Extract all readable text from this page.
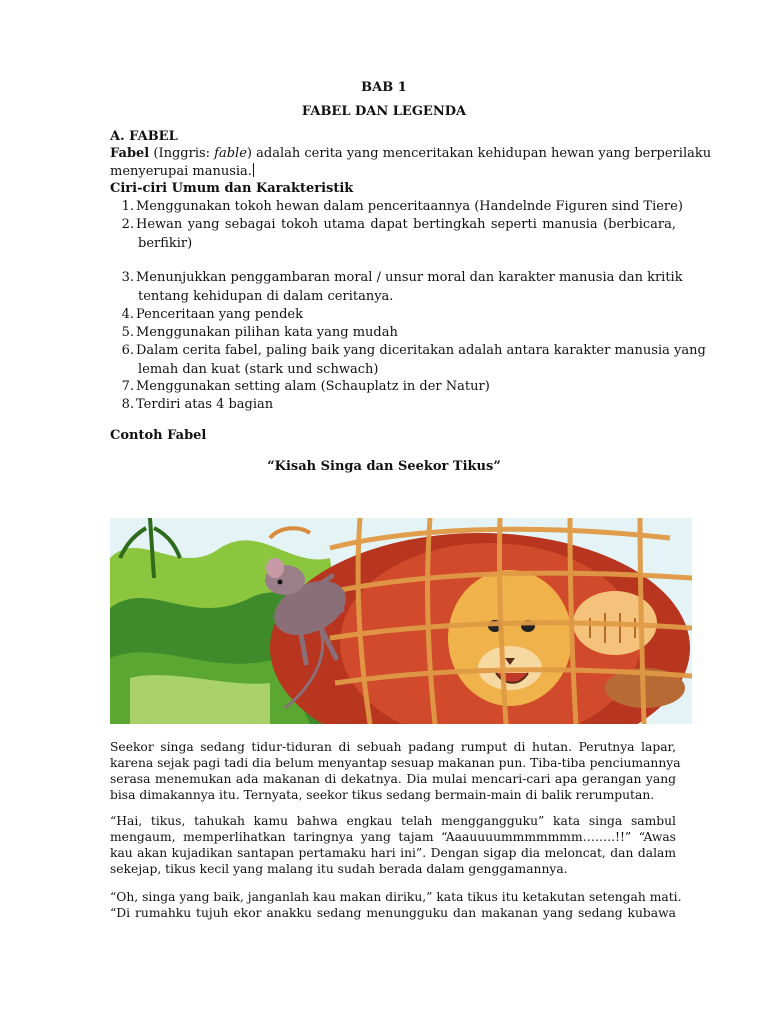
BAB 1
FABEL DAN LEGENDA
A. FABEL
Fabel (Inggris: fable) adalah cerita yang menceritakan kehidupan hewan yang berperilaku
menyerupai manusia.
Ciri-ciri Umum dan Karakteristik
1. Menggunakan tokoh hewan dalam penceritaannya (Handelnde Figuren sind Tiere)
2. Hewan yang sebagai tokoh utama dapat bertingkah seperti manusia (berbicara,
berfikir)
3. Menunjukkan penggambaran moral / unsur moral dan karakter manusia dan kritik
tentang kehidupan di dalam ceritanya.
4. Penceritaan yang pendek
5. Menggunakan pilihan kata yang mudah
6. Dalam cerita fabel, paling baik yang diceritakan adalah antara karakter manusia yang
lemah dan kuat (stark und schwach)
7. Menggunakan setting alam (Schauplatz in der Natur)
8. Terdiri atas 4 bagian
Contoh Fabel
“Kisah Singa dan Seekor Tikus”
Seekor singa sedang tidur-tiduran di sebuah padang rumput di hutan. Perutnya lapar,
karena sejak pagi tadi dia belum menyantap sesuap makanan pun. Tiba-tiba penciumannya
serasa menemukan ada makanan di dekatnya. Dia mulai mencari-cari apa gerangan yang
bisa dimakannya itu. Ternyata, seekor tikus sedang bermain-main di balik rerumputan.
“Hai, tikus, tahukah kamu bahwa engkau telah menggangguku” kata singa sambul
mengaum, memperlihatkan taringnya yang tajam “Aaauuuummmmmmm……..!!” “Awas
kau akan kujadikan santapan pertamaku hari ini”. Dengan sigap dia meloncat, dan dalam
sekejap, tikus kecil yang malang itu sudah berada dalam genggamannya.
“Oh, singa yang baik, janganlah kau makan diriku,” kata tikus itu ketakutan setengah mati.
“Di rumahku tujuh ekor anakku sedang menungguku dan makanan yang sedang kubawa
